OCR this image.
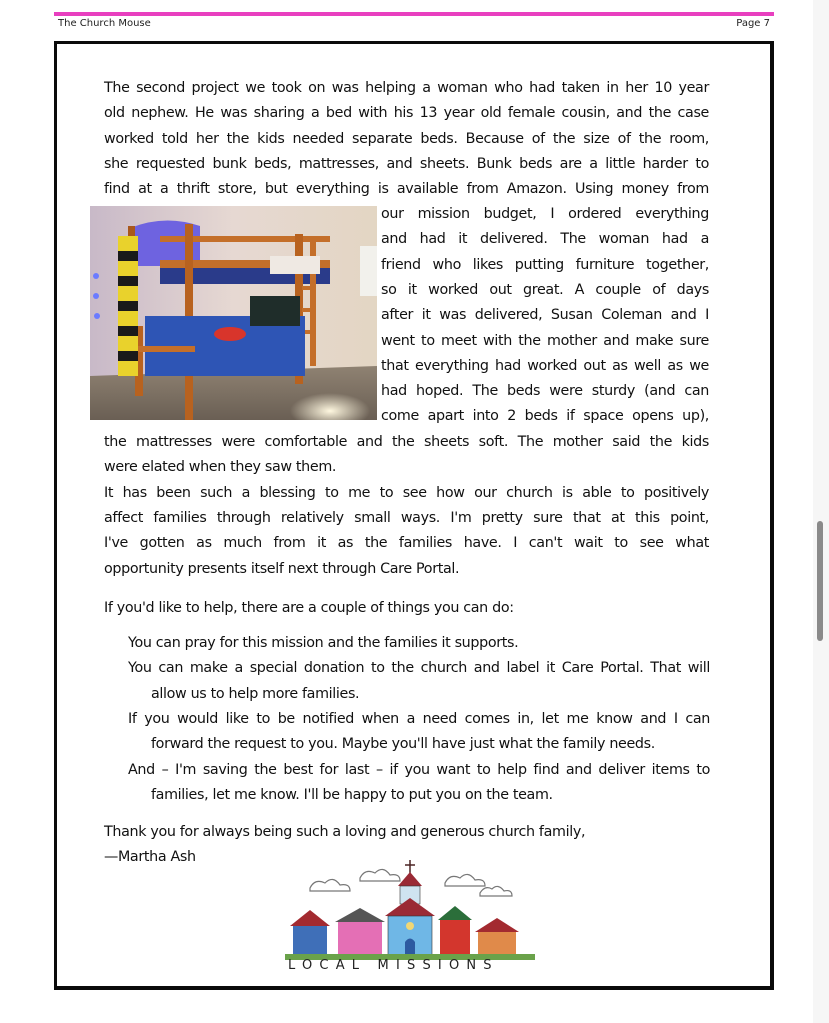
The Church Mouse	Page 7
The second project we took on was helping a woman who had taken in her 10 year
old nephew. He was sharing a bed with his 13 year old female cousin, and the case
worked told her the kids needed separate beds. Because of the size of the room,
she requested bunk beds, mattresses, and sheets. Bunk beds are a little harder to
find at a thrift store, but everything is available from Amazon. Using money from
our mission budget, I ordered everything
and had it delivered. The woman had a
friend who likes putting furniture together,
so it worked out great. A couple of days
after it was delivered, Susan Coleman and I
went to meet with the mother and make sure
that everything had worked out as well as we
had hoped. The beds were sturdy (and can
come apart into 2 beds if space opens up),
the mattresses were comfortable and the sheets soft. The mother said the kids
were elated when they saw them.
It has been such a blessing to me to see how our church is able to positively
affect families through relatively small ways. I'm pretty sure that at this point,
I've gotten as much from it as the families have. I can't wait to see what
opportunity presents itself next through Care Portal.
If you'd like to help, there are a couple of things you can do:
You can pray for this mission and the families it supports.
You can make a special donation to the church and label it Care Portal. That will
allow us to help more families.
If you would like to be notified when a need comes in, let me know and I can
forward the request to you. Maybe you'll have just what the family needs.
And – I'm saving the best for last – if you want to help find and deliver items to
families, let me know. I'll be happy to put you on the team.
Thank you for always being such a loving and generous church family,
—Martha Ash
LOCAL MISSIONS
